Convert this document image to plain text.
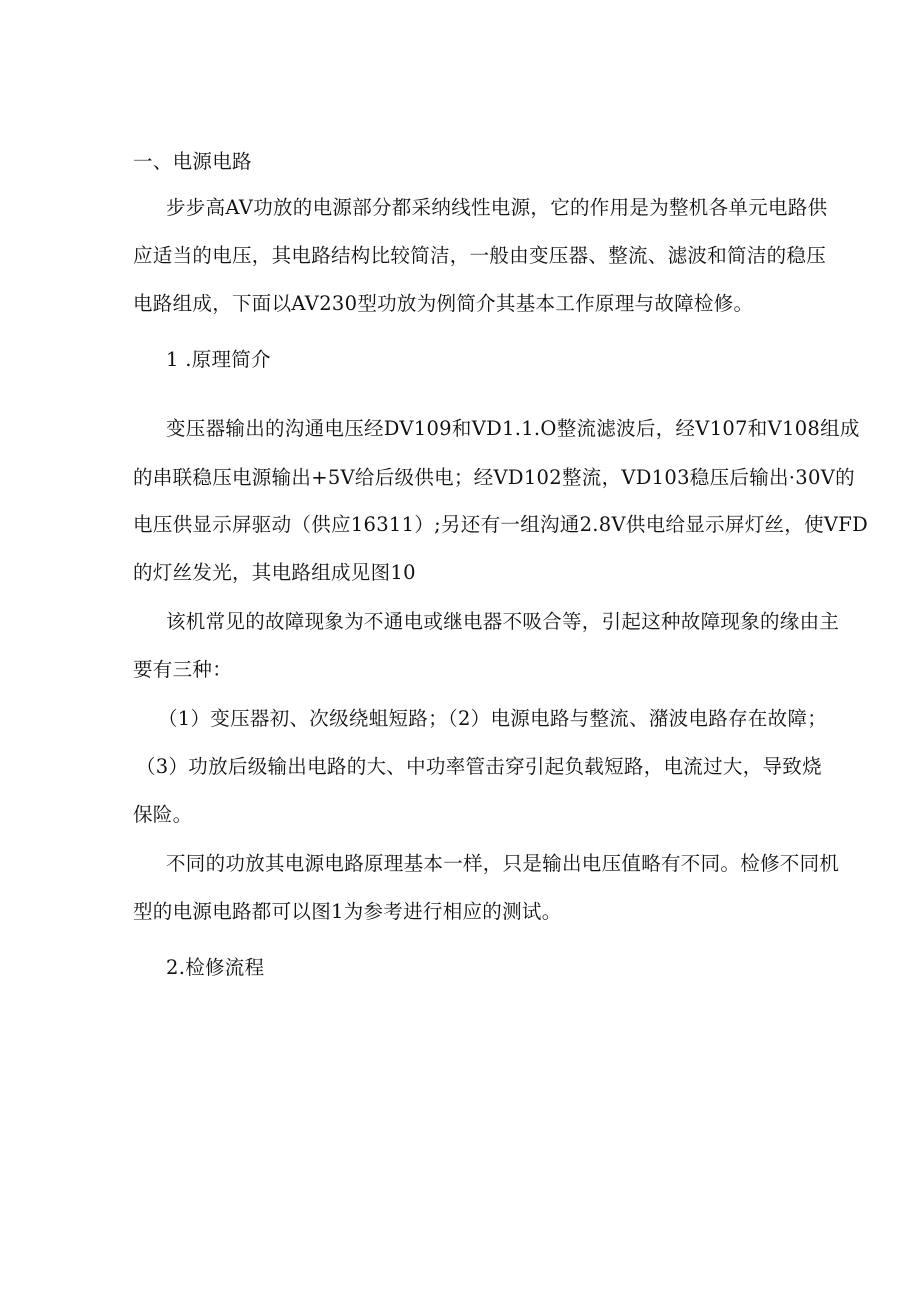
一、电源电路
步步高AV功放的电源部分都采纳线性电源，它的作用是为整机各单元电路供
应适当的电压，其电路结构比较简洁，一般由变压器、整流、滤波和简洁的稳压
电路组成，下面以AV230型功放为例简介其基本工作原理与故障检修。
1 .原理简介
变压器输出的沟通电压经DV109和VD1.1.O整流滤波后，经V107和V108组成
的串联稳压电源输出+5V给后级供电；经VD102整流，VD103稳压后输出·30V的
电压供显示屏驱动（供应16311）;另还有一组沟通2.8V供电给显示屏灯丝，使VFD
的灯丝发光，其电路组成见图10
该机常见的故障现象为不通电或继电器不吸合等，引起这种故障现象的缘由主
要有三种：
（1）变压器初、次级绕蛆短路；（2）电源电路与整流、潴波电路存在故障；
（3）功放后级输出电路的大、中功率管击穿引起负载短路，电流过大，导致烧
保险。
不同的功放其电源电路原理基本一样，只是输出电压值略有不同。检修不同机
型的电源电路都可以图1为参考进行相应的测试。
2.检修流程
